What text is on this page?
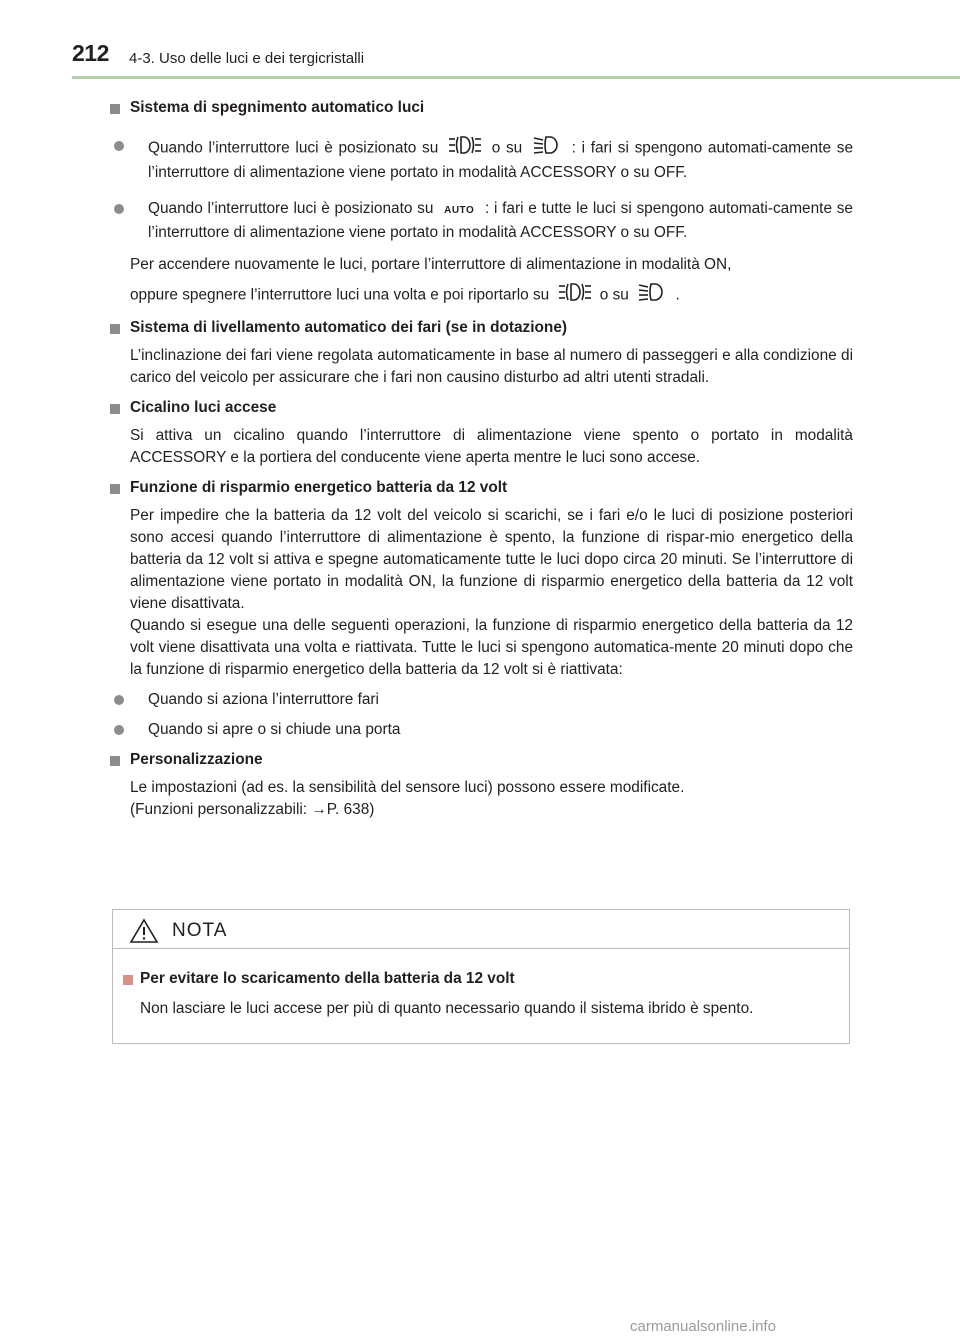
212 4-3. Uso delle luci e dei tergicristalli
Sistema di spegnimento automatico luci
Quando l’interruttore luci è posizionato su	o su	: i fari si spengono automati-camente se l’interruttore di alimentazione viene portato in modalità ACCESSORY o su OFF.
Quando l’interruttore luci è posizionato su AUTO : i fari e tutte le luci si spengono automati-camente se l’interruttore di alimentazione viene portato in modalità ACCESSORY o su OFF.
Per accendere nuovamente le luci, portare l’interruttore di alimentazione in modalità ON,
oppure spegnere l’interruttore luci una volta e poi riportarlo su	o su	.
Sistema di livellamento automatico dei fari (se in dotazione)
L’inclinazione dei fari viene regolata automaticamente in base al numero di passeggeri e alla condizione di carico del veicolo per assicurare che i fari non causino disturbo ad altri utenti stradali.
Cicalino luci accese
Si attiva un cicalino quando l’interruttore di alimentazione viene spento o portato in modalità ACCESSORY e la portiera del conducente viene aperta mentre le luci sono accese.
Funzione di risparmio energetico batteria da 12 volt
Per impedire che la batteria da 12 volt del veicolo si scarichi, se i fari e/o le luci di posizione posteriori sono accesi quando l’interruttore di alimentazione è spento, la funzione di rispar-mio energetico della batteria da 12 volt si attiva e spegne automaticamente tutte le luci dopo circa 20 minuti. Se l’interruttore di alimentazione viene portato in modalità ON, la funzione di risparmio energetico della batteria da 12 volt viene disattivata.
Quando si esegue una delle seguenti operazioni, la funzione di risparmio energetico della batteria da 12 volt viene disattivata una volta e riattivata. Tutte le luci si spengono automatica-mente 20 minuti dopo che la funzione di risparmio energetico della batteria da 12 volt si è riattivata:
Quando si aziona l’interruttore fari
Quando si apre o si chiude una porta
Personalizzazione
Le impostazioni (ad es. la sensibilità del sensore luci) possono essere modificate.
(Funzioni personalizzabili: →P. 638)
NOTA
Per evitare lo scaricamento della batteria da 12 volt
Non lasciare le luci accese per più di quanto necessario quando il sistema ibrido è spento.
carmanualsonline.info
